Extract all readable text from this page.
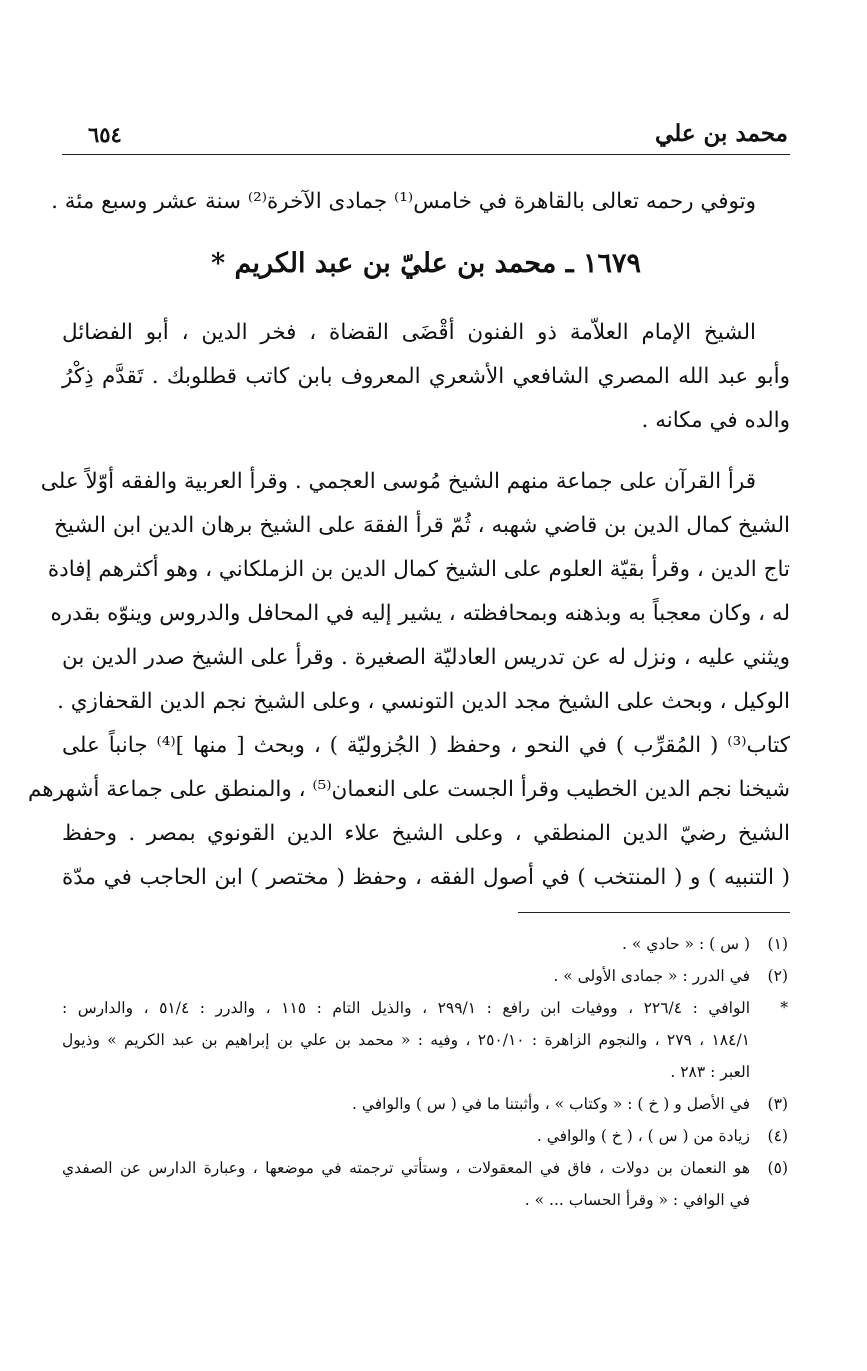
محمد بن علي
٦٥٤
وتوفي رحمه تعالى بالقاهرة في خامس⁽¹⁾ جمادى الآخرة⁽²⁾ سنة عشر وسبع مئة .
١٦٧٩ ـ محمد بن عليّ بن عبد الكريم *
الشيخ الإمام العلاّمة ذو الفنون أقْضَى القضاة ، فخر الدين ، أبو الفضائل
وأبو عبد الله المصري الشافعي الأشعري المعروف بابن كاتب قطلوبك . تَقدَّم ذِكْرُ
والده في مكانه .
قرأ القرآن على جماعة منهم الشيخ مُوسى العجمي . وقرأ العربية والفقه أوّلاً على
الشيخ كمال الدين بن قاضي شهبه ، ثُمّ قرأ الفقهَ على الشيخ برهان الدين ابن الشيخ
تاج الدين ، وقرأ بقيّة العلوم على الشيخ كمال الدين بن الزملكاني ، وهو أكثرهم إفادة
له ، وكان معجباً به وبذهنه وبمحافظته ، يشير إليه في المحافل والدروس وينوّه بقدره
ويثني عليه ، ونزل له عن تدريس العادليّة الصغيرة . وقرأ على الشيخ صدر الدين بن
الوكيل ، وبحث على الشيخ مجد الدين التونسي ، وعلى الشيخ نجم الدين القحفازي .
كتاب⁽³⁾ ( المُقرِّب ) في النحو ، وحفظ ( الجُزوليّة ) ، وبحث [ منها ]⁽⁴⁾ جانباً على
شيخنا نجم الدين الخطيب وقرأ الجست على النعمان⁽⁵⁾ ، والمنطق على جماعة أشهرهم
الشيخ رضيّ الدين المنطقي ، وعلى الشيخ علاء الدين القونوي بمصر . وحفظ
( التنبيه ) و ( المنتخب ) في أصول الفقه ، وحفظ ( مختصر ) ابن الحاجب في مدّة
(١)
( س ) : « حادي » .
(٢)
في الدرر : « جمادى الأولى » .
*
الوافي : ٢٢٦/٤ ، ووفيات ابن رافع : ٢٩٩/١ ، والذيل التام : ١١٥ ، والدرر : ٥١/٤ ، والدارس :
١٨٤/١ ، ٢٧٩ ، والنجوم الزاهرة : ٢٥٠/١٠ ، وفيه : « محمد بن علي بن إبراهيم بن عبد الكريم » وذيول
العبر : ٢٨٣ .
(٣)
في الأصل و ( خ ) : « وكتاب » ، وأثبتنا ما في ( س ) والوافي .
(٤)
زيادة من ( س ) ، ( خ ) والوافي .
(٥)
هو النعمان بن دولات ، فاق في المعقولات ، وستأتي ترجمته في موضعها ، وعبارة الدارس عن الصفدي
في الوافي : « وقرأ الحساب ... » .
